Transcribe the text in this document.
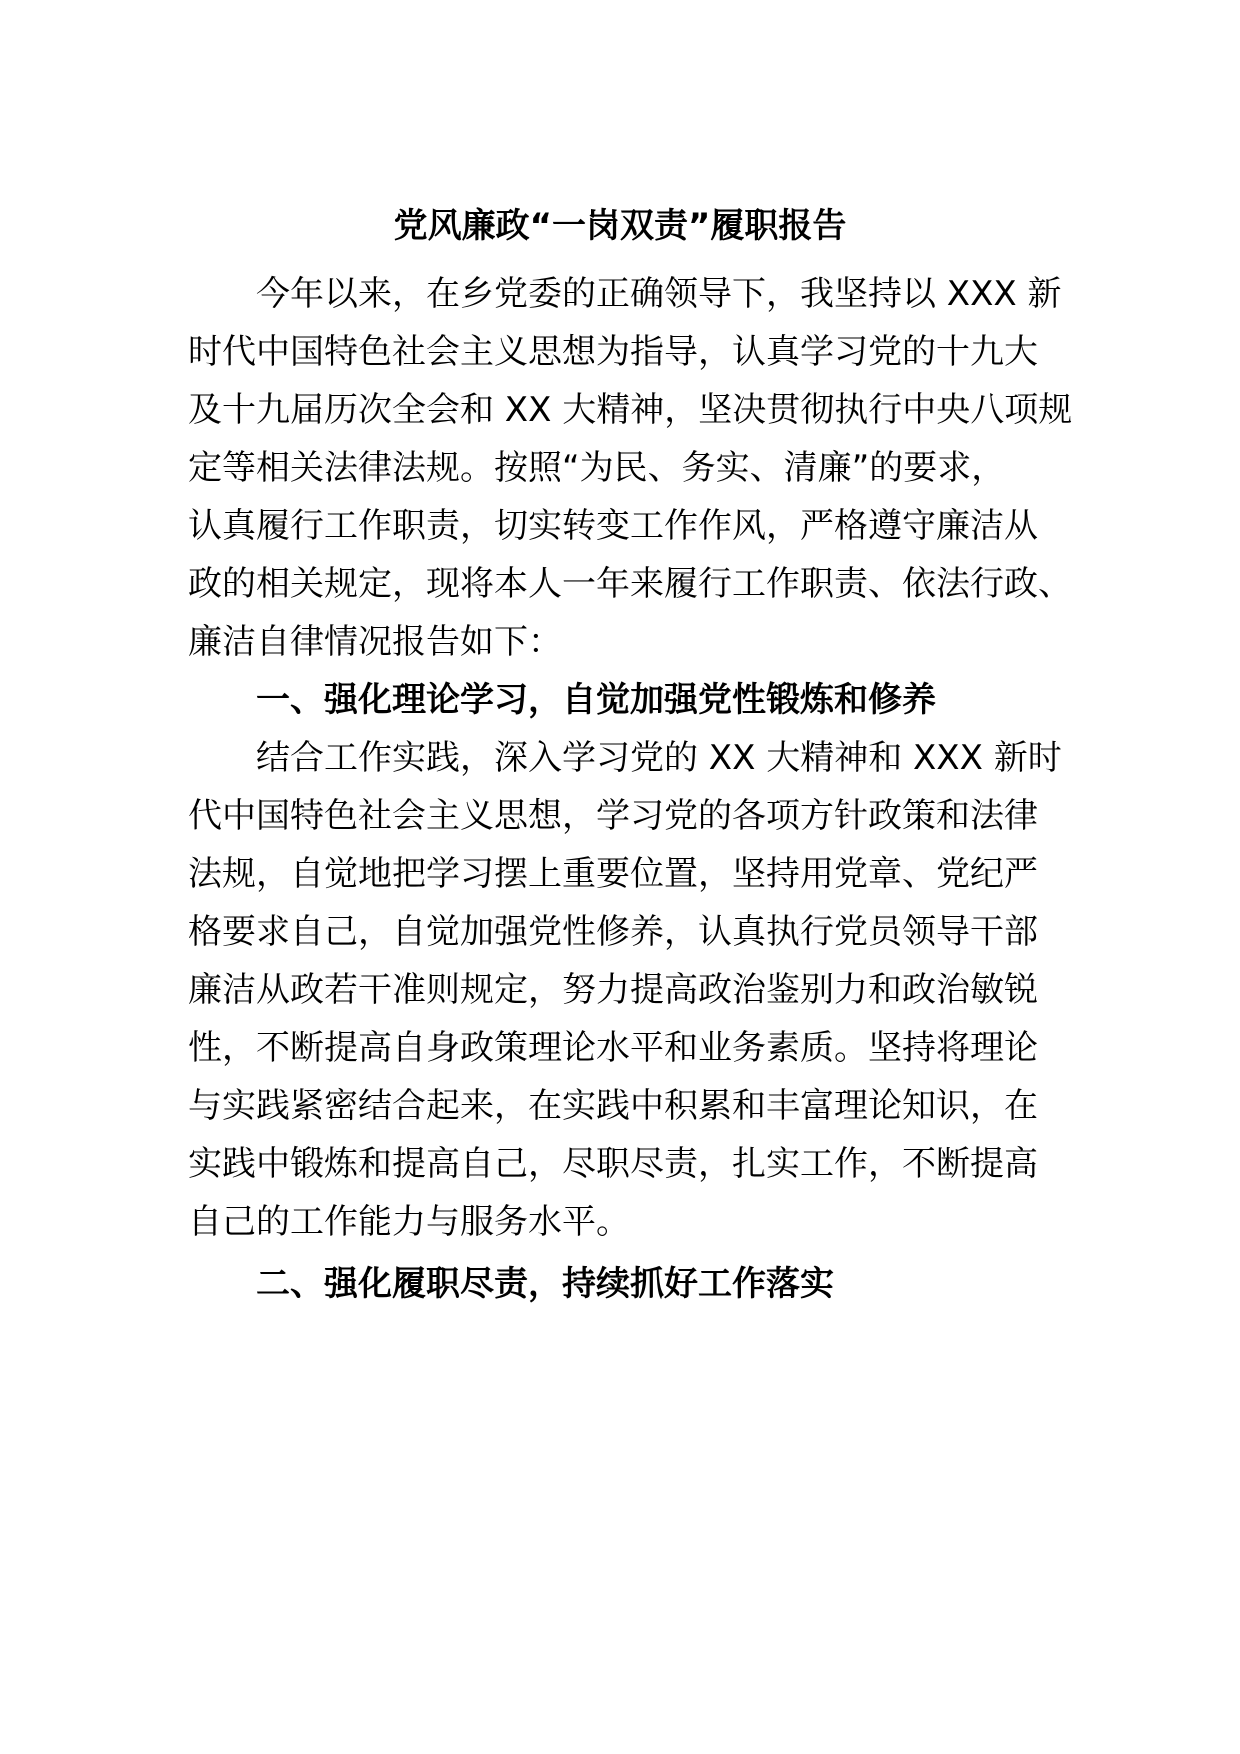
党风廉政“一岗双责”履职报告
今年以来，在乡党委的正确领导下，我坚持以 XXX 新
时代中国特色社会主义思想为指导，认真学习党的十九大
及十九届历次全会和 XX 大精神，坚决贯彻执行中央八项规
定等相关法律法规。按照“为民、务实、清廉”的要求，
认真履行工作职责，切实转变工作作风，严格遵守廉洁从
政的相关规定，现将本人一年来履行工作职责、依法行政、
廉洁自律情况报告如下：
一、强化理论学习，自觉加强党性锻炼和修养
结合工作实践，深入学习党的 XX 大精神和 XXX 新时
代中国特色社会主义思想，学习党的各项方针政策和法律
法规，自觉地把学习摆上重要位置，坚持用党章、党纪严
格要求自己，自觉加强党性修养，认真执行党员领导干部
廉洁从政若干准则规定，努力提高政治鉴别力和政治敏锐
性，不断提高自身政策理论水平和业务素质。坚持将理论
与实践紧密结合起来，在实践中积累和丰富理论知识，在
实践中锻炼和提高自己，尽职尽责，扎实工作，不断提高
自己的工作能力与服务水平。
二、强化履职尽责，持续抓好工作落实
